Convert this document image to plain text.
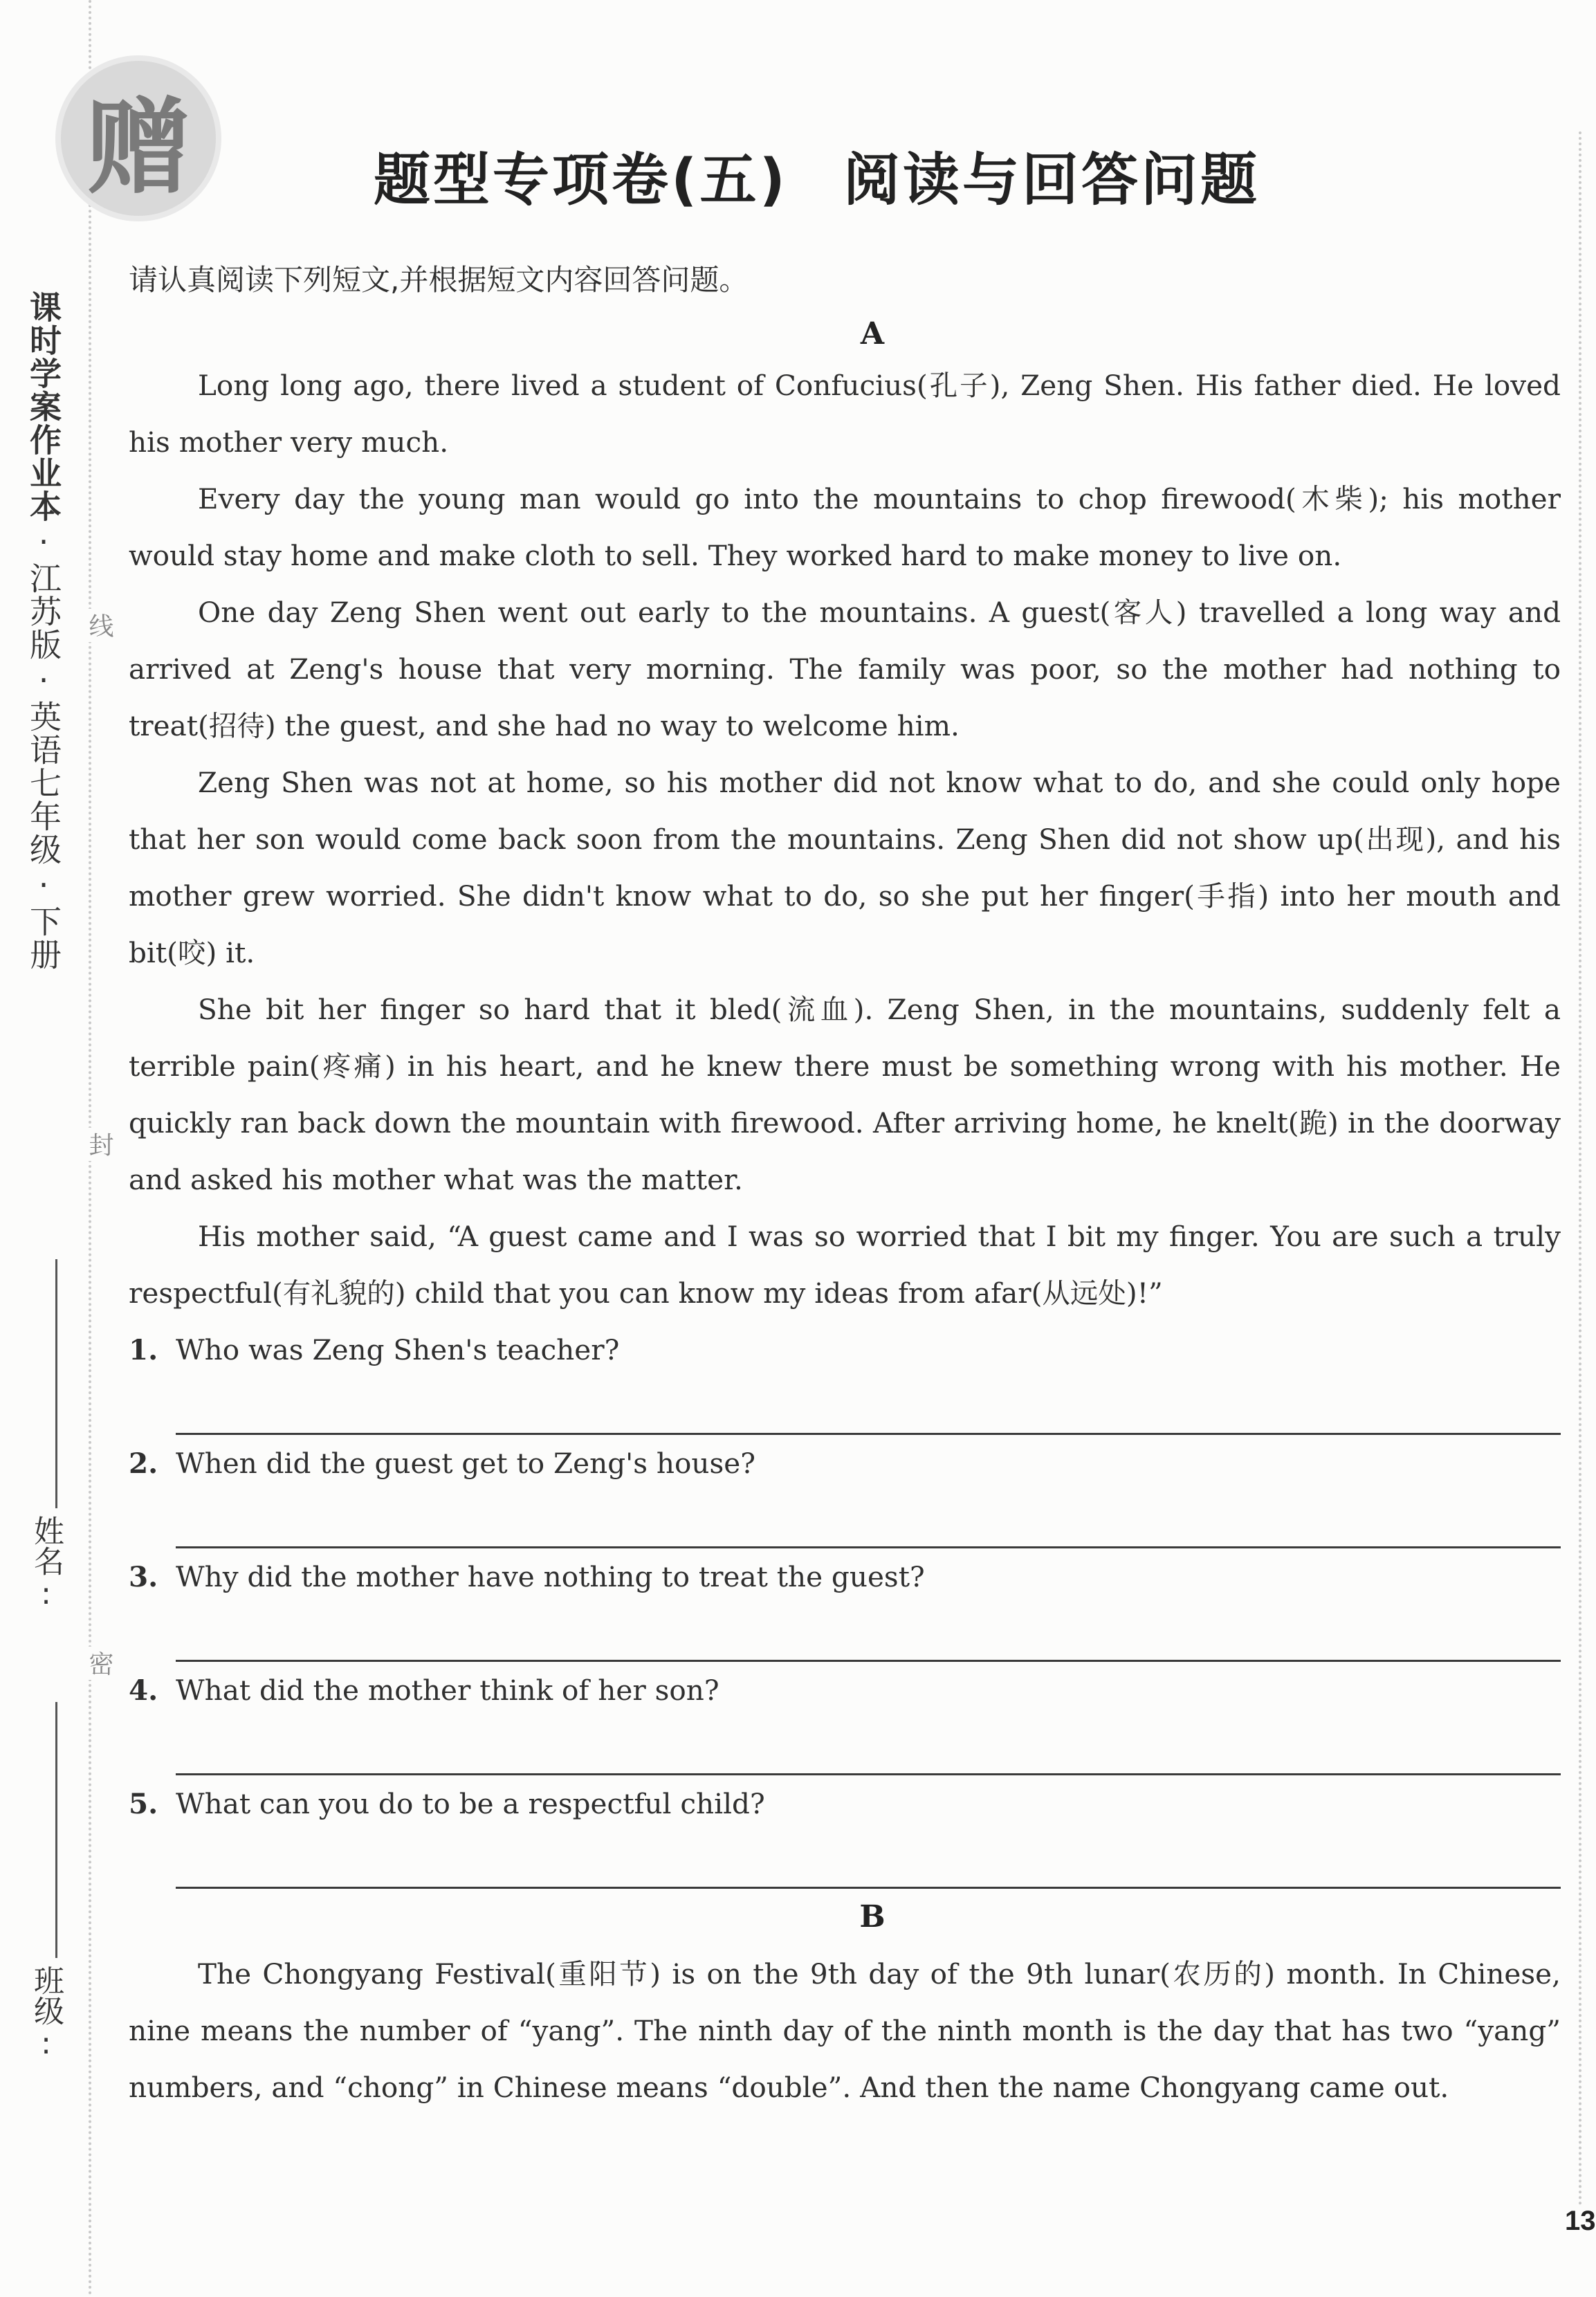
赠
课时学案作业本·江苏版·英语七年级·下册 线
封
密
姓名:
班级:
13
题型专项卷(五) 阅读与回答问题

请认真阅读下列短文,并根据短文内容回答问题。

A

Long long ago, there lived a student of Confucius(孔子), Zeng Shen. His father died. He loved his mother very much.

Every day the young man would go into the mountains to chop firewood(木柴); his mother would stay home and make cloth to sell. They worked hard to make money to live on.

One day Zeng Shen went out early to the mountains. A guest(客人) travelled a long way and arrived at Zeng's house that very morning. The family was poor, so the mother had nothing to treat(招待) the guest, and she had no way to welcome him.

Zeng Shen was not at home, so his mother did not know what to do, and she could only hope that her son would come back soon from the mountains. Zeng Shen did not show up(出现), and his mother grew worried. She didn't know what to do, so she put her finger(手指) into her mouth and bit(咬) it.

She bit her finger so hard that it bled(流血). Zeng Shen, in the mountains, suddenly felt a terrible pain(疼痛) in his heart, and he knew there must be something wrong with his mother. He quickly ran back down the mountain with firewood. After arriving home, he knelt(跪) in the doorway and asked his mother what was the matter.

His mother said, “A guest came and I was so worried that I bit my finger. You are such a truly respectful(有礼貌的) child that you can know my ideas from afar(从远处)!”

1. Who was Zeng Shen's teacher?
2. When did the guest get to Zeng's house?
3. Why did the mother have nothing to treat the guest?
4. What did the mother think of her son?
5. What can you do to be a respectful child?
B

The Chongyang Festival(重阳节) is on the 9th day of the 9th lunar(农历的) month. In Chinese, nine means the number of “yang”. The ninth day of the ninth month is the day that has two “yang” numbers, and “chong” in Chinese means “double”. And then the name Chongyang came out.
